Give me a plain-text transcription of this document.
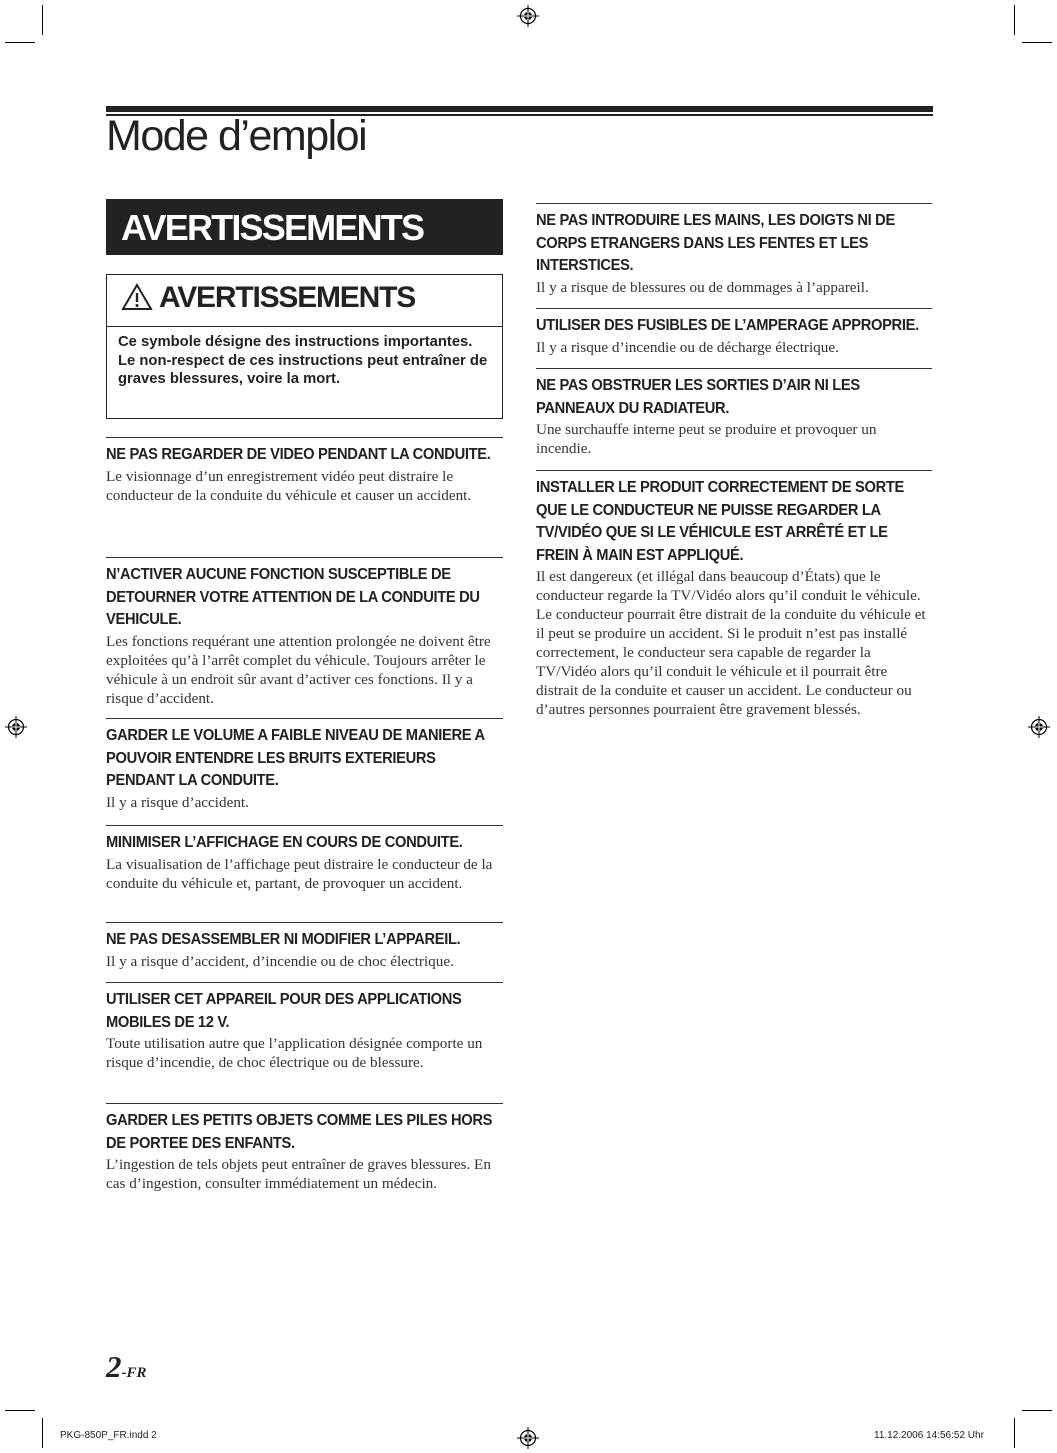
Mode d’emploi
AVERTISSEMENTS
AVERTISSEMENTS
Ce symbole désigne des instructions importantes.
Le non-respect de ces instructions peut entraîner de graves blessures, voire la mort.
NE PAS REGARDER DE VIDEO PENDANT LA CONDUITE.

Le visionnage d’un enregistrement vidéo peut distraire le conducteur de la conduite du véhicule et causer un accident.

N’ACTIVER AUCUNE FONCTION SUSCEPTIBLE DE DETOURNER VOTRE ATTENTION DE LA CONDUITE DU VEHICULE.

Les fonctions requérant une attention prolongée ne doivent être exploitées qu’à l’arrêt complet du véhicule. Toujours arrêter le véhicule à un endroit sûr avant d’activer ces fonctions. Il y a risque d’accident.

GARDER LE VOLUME A FAIBLE NIVEAU DE MANIERE A POUVOIR ENTENDRE LES BRUITS EXTERIEURS PENDANT LA CONDUITE.

Il y a risque d’accident.

MINIMISER L’AFFICHAGE EN COURS DE CONDUITE.

La visualisation de l’affichage peut distraire le conducteur de la conduite du véhicule et, partant, de provoquer un accident.

NE PAS DESASSEMBLER NI MODIFIER L’APPAREIL.

Il y a risque d’accident, d’incendie ou de choc électrique.

UTILISER CET APPAREIL POUR DES APPLICATIONS MOBILES DE 12 V.

Toute utilisation autre que l’application désignée comporte un risque d’incendie, de choc électrique ou de blessure.

GARDER LES PETITS OBJETS COMME LES PILES HORS DE PORTEE DES ENFANTS.

L’ingestion de tels objets peut entraîner de graves blessures. En cas d’ingestion, consulter immédiatement un médecin.

NE PAS INTRODUIRE LES MAINS, LES DOIGTS NI DE CORPS ETRANGERS DANS LES FENTES ET LES INTERSTICES.

Il y a risque de blessures ou de dommages à l’appareil.

UTILISER DES FUSIBLES DE L’AMPERAGE APPROPRIE.

Il y a risque d’incendie ou de décharge électrique.

NE PAS OBSTRUER LES SORTIES D’AIR NI LES PANNEAUX DU RADIATEUR.

Une surchauffe interne peut se produire et provoquer un incendie.

INSTALLER LE PRODUIT CORRECTEMENT DE SORTE QUE LE CONDUCTEUR NE PUISSE REGARDER LA TV/VIDÉO QUE SI LE VÉHICULE EST ARRÊTÉ ET LE FREIN À MAIN EST APPLIQUÉ.

Il est dangereux (et illégal dans beaucoup d’États) que le conducteur regarde la TV/Vidéo alors qu’il conduit le véhicule. Le conducteur pourrait être distrait de la conduite du véhicule et il peut se produire un accident. Si le produit n’est pas installé correctement, le conducteur sera capable de regarder la TV/Vidéo alors qu’il conduit le véhicule et il pourrait être distrait de la conduite et causer un accident. Le conducteur ou d’autres personnes pourraient être gravement blessés.

2-FR
PKG-850P_FR.indd 2	11.12.2006 14:56:52 Uhr
